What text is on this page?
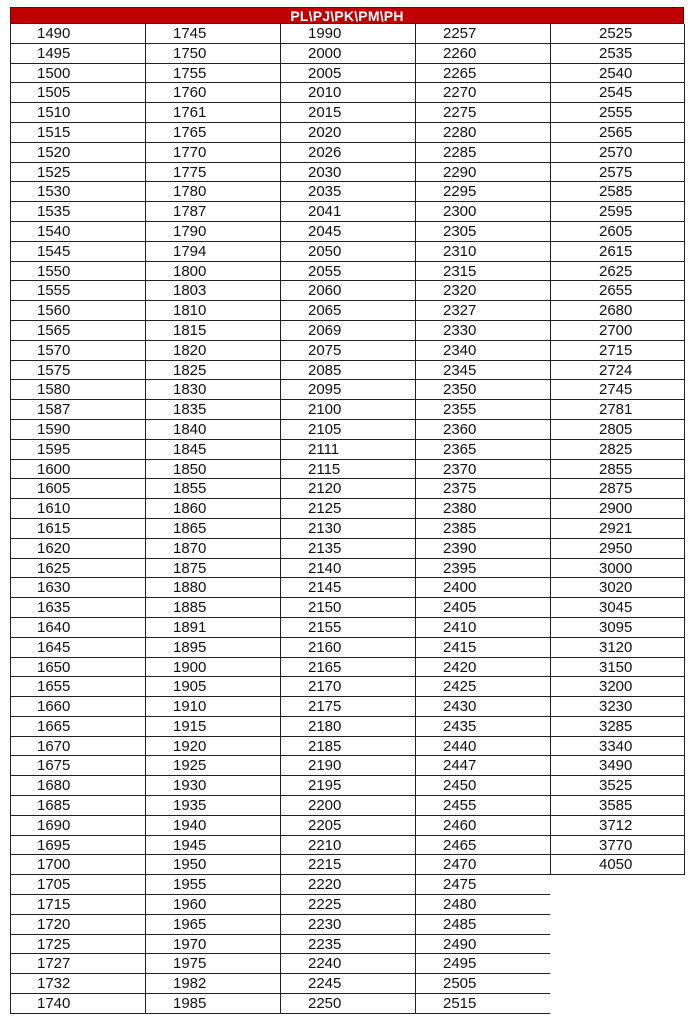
PL\PJ\PK\PM\PH
1490
1495
1500
1505
1510
1515
1520
1525
1530
1535
1540
1545
1550
1555
1560
1565
1570
1575
1580
1587
1590
1595
1600
1605
1610
1615
1620
1625
1630
1635
1640
1645
1650
1655
1660
1665
1670
1675
1680
1685
1690
1695
1700
1705
1715
1720
1725
1727
1732
1740
1745
1750
1755
1760
1761
1765
1770
1775
1780
1787
1790
1794
1800
1803
1810
1815
1820
1825
1830
1835
1840
1845
1850
1855
1860
1865
1870
1875
1880
1885
1891
1895
1900
1905
1910
1915
1920
1925
1930
1935
1940
1945
1950
1955
1960
1965
1970
1975
1982
1985
1990
2000
2005
2010
2015
2020
2026
2030
2035
2041
2045
2050
2055
2060
2065
2069
2075
2085
2095
2100
2105
2111
2115
2120
2125
2130
2135
2140
2145
2150
2155
2160
2165
2170
2175
2180
2185
2190
2195
2200
2205
2210
2215
2220
2225
2230
2235
2240
2245
2250
2257
2260
2265
2270
2275
2280
2285
2290
2295
2300
2305
2310
2315
2320
2327
2330
2340
2345
2350
2355
2360
2365
2370
2375
2380
2385
2390
2395
2400
2405
2410
2415
2420
2425
2430
2435
2440
2447
2450
2455
2460
2465
2470
2475
2480
2485
2490
2495
2505
2515
2525
2535
2540
2545
2555
2565
2570
2575
2585
2595
2605
2615
2625
2655
2680
2700
2715
2724
2745
2781
2805
2825
2855
2875
2900
2921
2950
3000
3020
3045
3095
3120
3150
3200
3230
3285
3340
3490
3525
3585
3712
3770
4050
